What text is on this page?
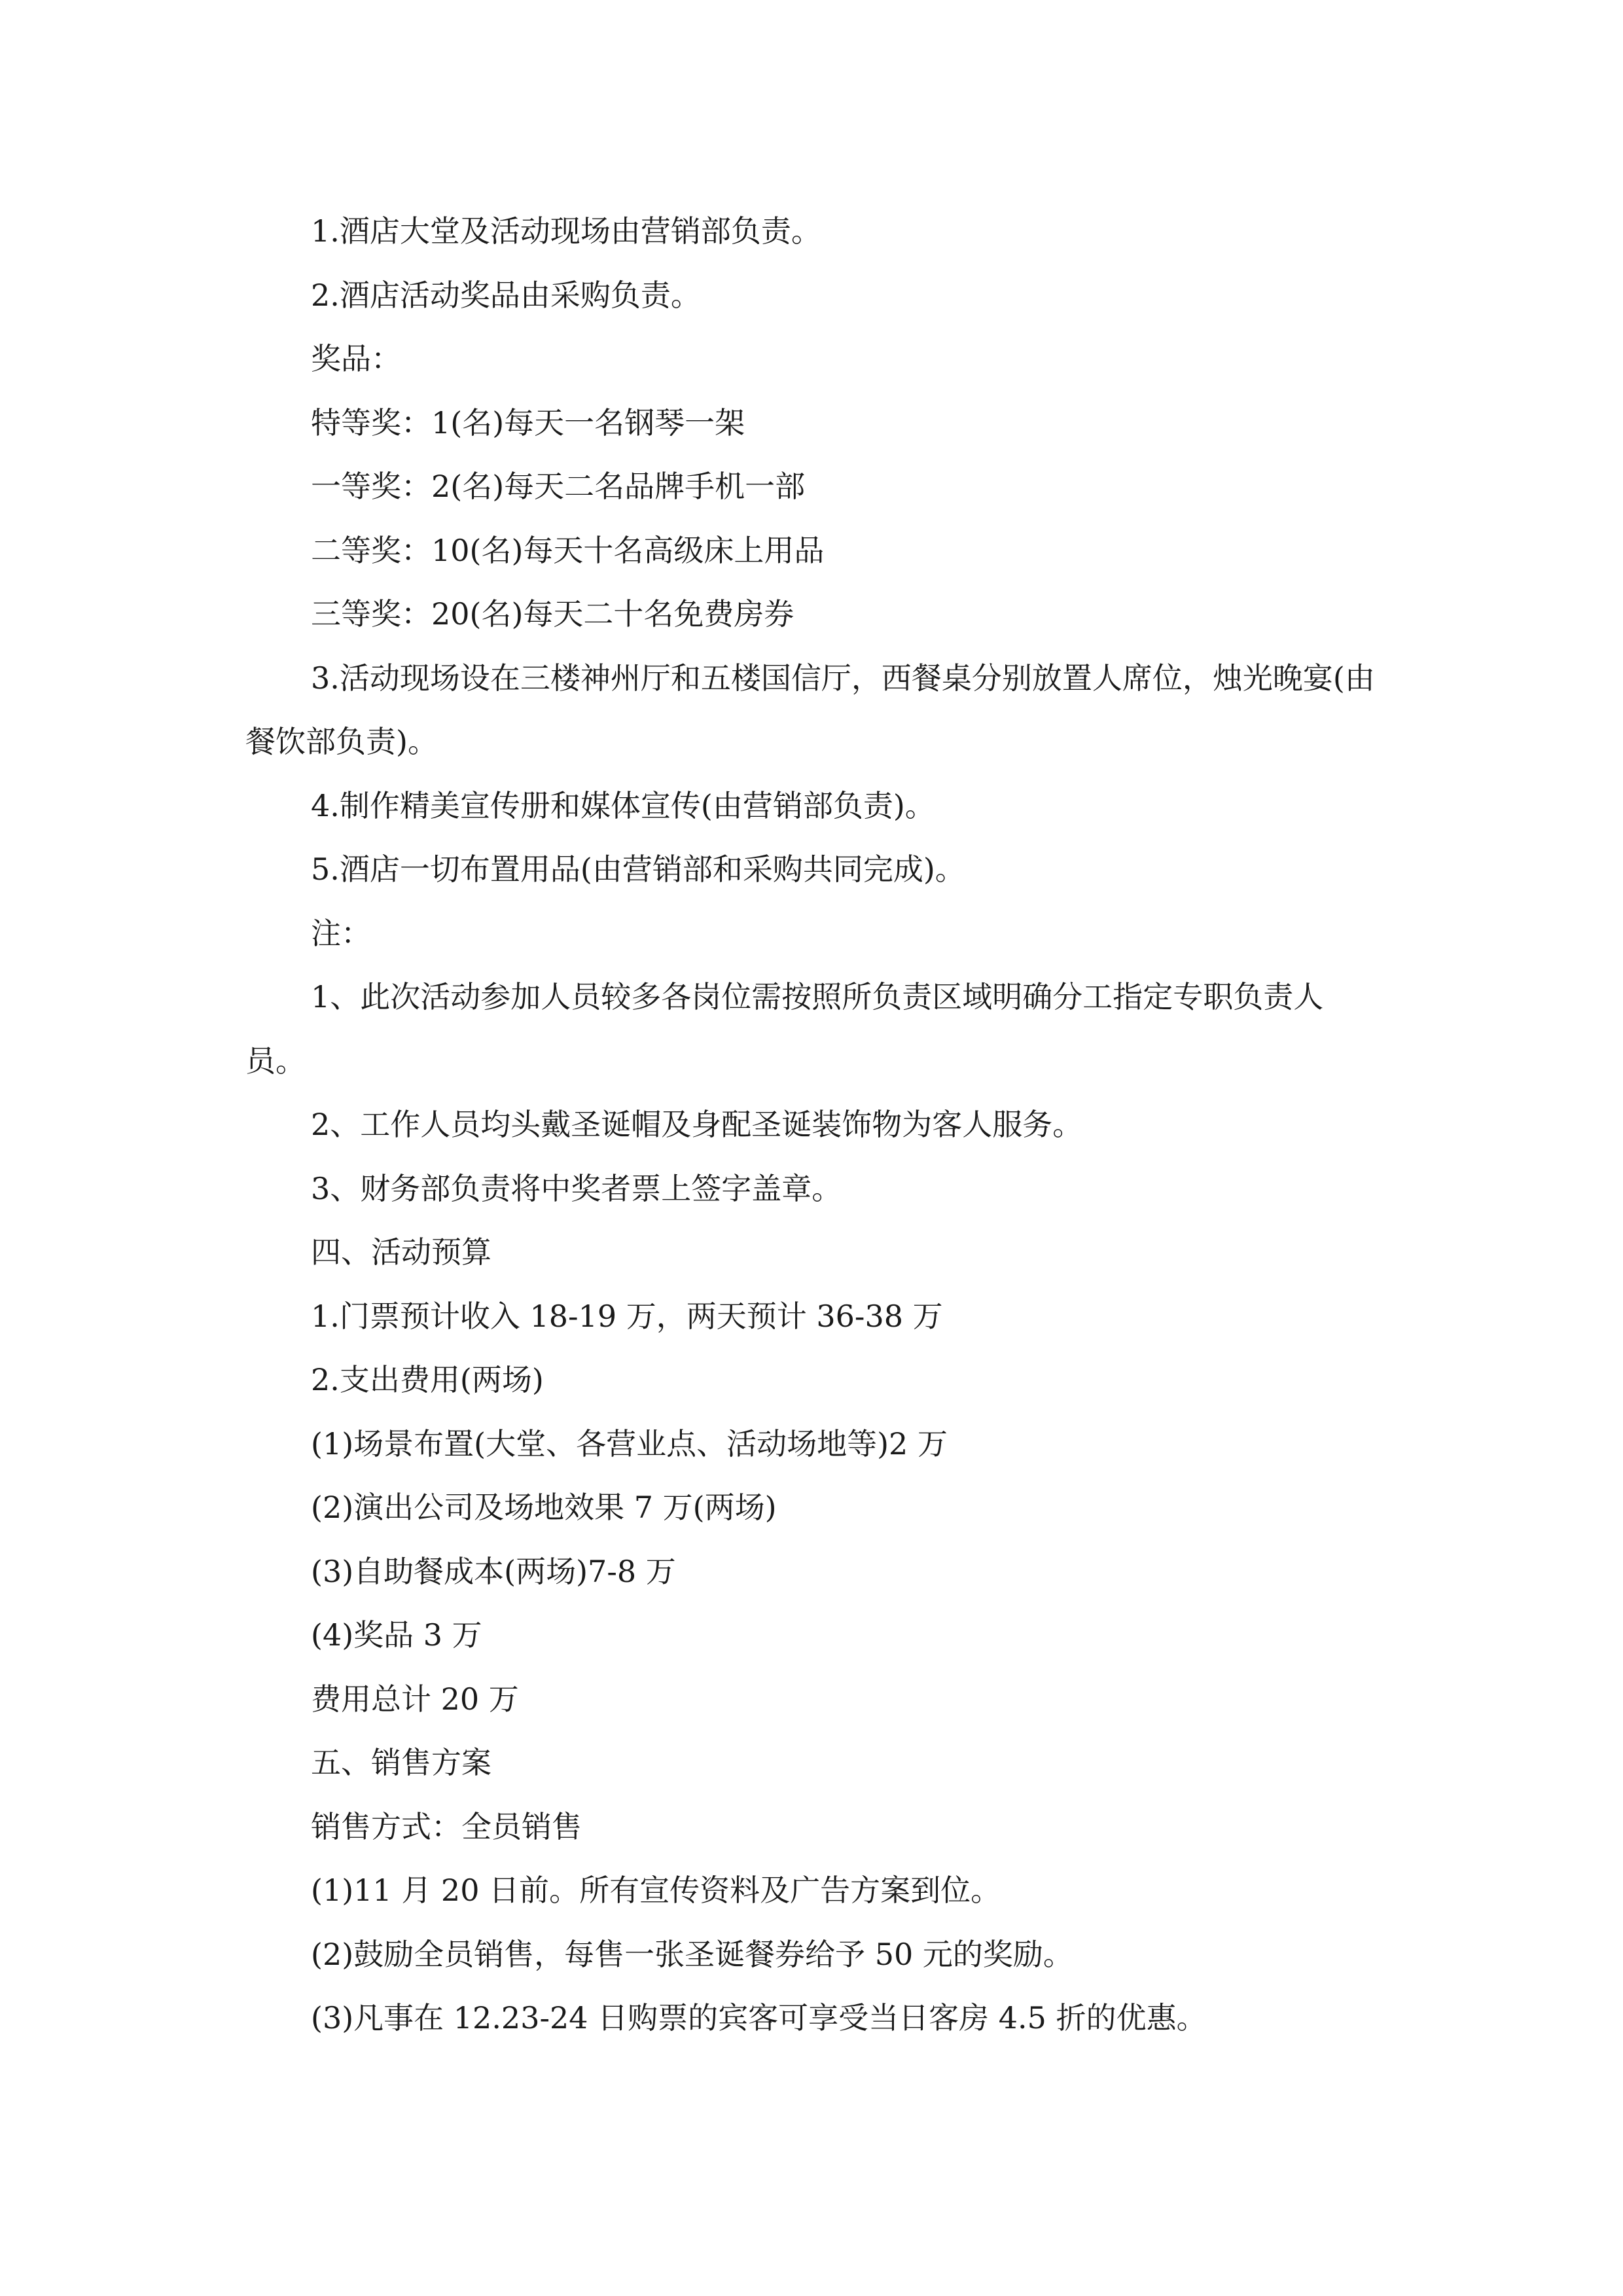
1.酒店大堂及活动现场由营销部负责。

2.酒店活动奖品由采购负责。

奖品：

特等奖：1(名)每天一名钢琴一架

一等奖：2(名)每天二名品牌手机一部

二等奖：10(名)每天十名高级床上用品

三等奖：20(名)每天二十名免费房券

3.活动现场设在三楼神州厅和五楼国信厅，西餐桌分别放置人席位，烛光晚宴(由餐饮部负责)。

4.制作精美宣传册和媒体宣传(由营销部负责)。

5.酒店一切布置用品(由营销部和采购共同完成)。

注：

1、此次活动参加人员较多各岗位需按照所负责区域明确分工指定专职负责人员。

2、工作人员均头戴圣诞帽及身配圣诞装饰物为客人服务。

3、财务部负责将中奖者票上签字盖章。

四、活动预算

1.门票预计收入 18-19 万，两天预计 36-38 万

2.支出费用(两场)

(1)场景布置(大堂、各营业点、活动场地等)2 万

(2)演出公司及场地效果 7 万(两场)

(3)自助餐成本(两场)7-8 万

(4)奖品 3 万

费用总计 20 万

五、销售方案

销售方式：全员销售

(1)11 月 20 日前。所有宣传资料及广告方案到位。

(2)鼓励全员销售，每售一张圣诞餐券给予 50 元的奖励。

(3)凡事在 12.23-24 日购票的宾客可享受当日客房 4.5 折的优惠。
